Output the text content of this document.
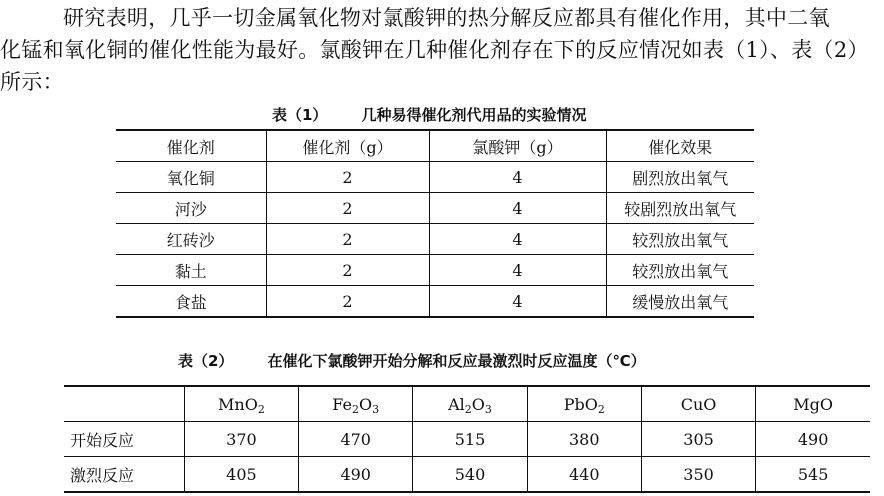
研究表明，几乎一切金属氧化物对氯酸钾的热分解反应都具有催化作用，其中二氧
化锰和氧化铜的催化性能为最好。氯酸钾在几种催化剂存在下的反应情况如表（1）、表（2）
所示：
表（1） 几种易得催化剂代用品的实验情况
催化剂	催化剂（g）	氯酸钾（g）	催化效果
氧化铜	2	4	剧烈放出氧气
河沙	2	4	较剧烈放出氧气
红砖沙	2	4	较烈放出氧气
黏土	2	4	较烈放出氧气
食盐	2	4	缓慢放出氧气
表（2） 在催化下氯酸钾开始分解和反应最激烈时反应温度（℃）
	MnO$_2$	$Fe_2O_3$	$Al_2O_3$	PbO$_2$	CuO	MgO
开始反应	370	470	515	380	305	490
激烈反应	405	490	540	440	350	545
